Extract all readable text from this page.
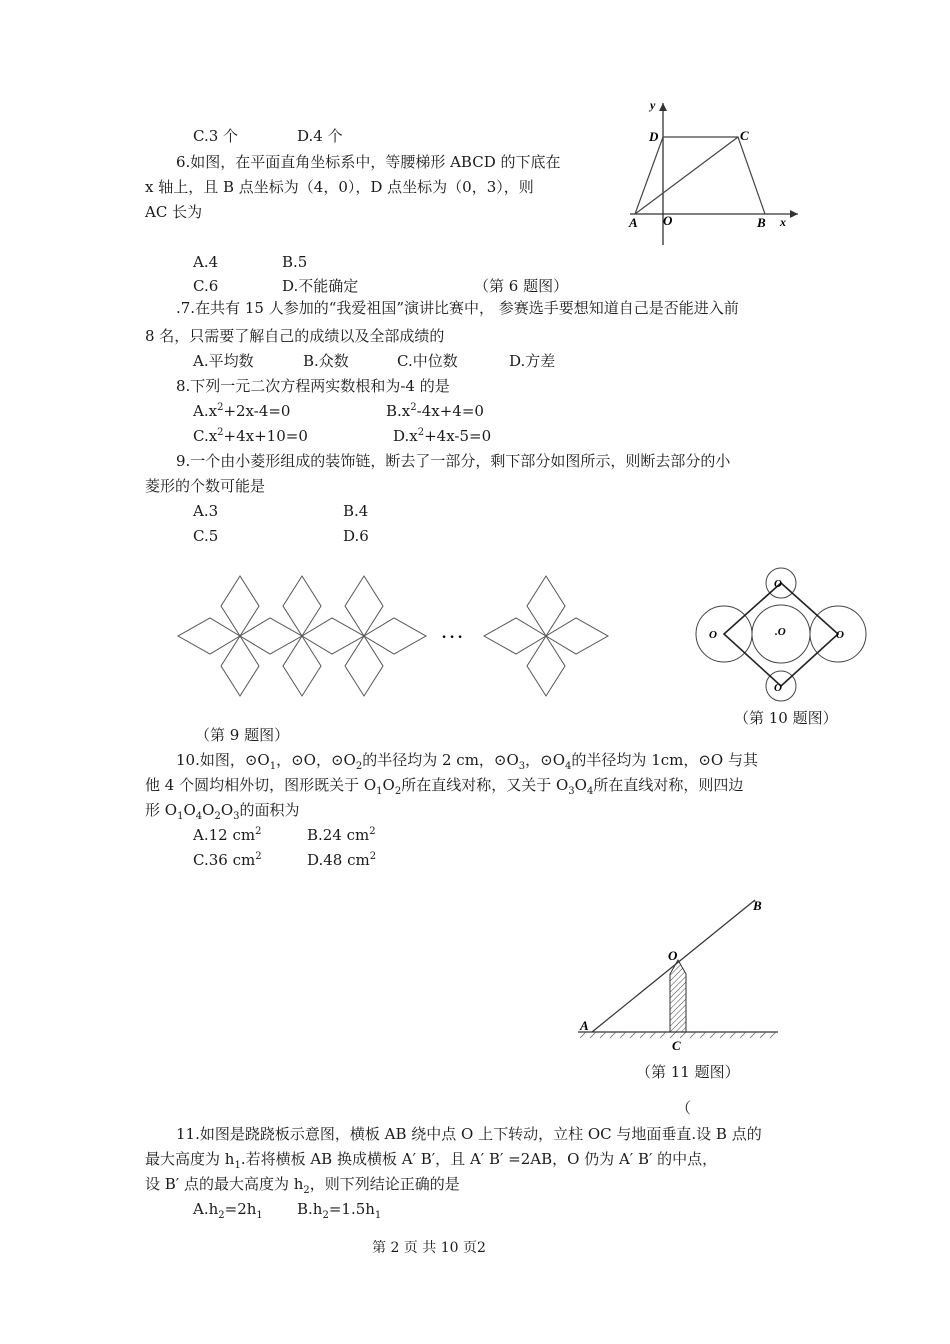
C.3 个	D.4 个
6.如图，在平面直角坐标系中，等腰梯形 ABCD 的下底在
x 轴上，且 B 点坐标为（4，0），D 点坐标为（0，3），则
AC 长为
A.4	B.5
C.6	D.不能确定	（第 6 题图）
y
x
D	C
A O	B
.7.在共有 15 人参加的“我爱祖国”演讲比赛中， 参赛选手要想知道自己是否能进入前
8 名，只需要了解自己的成绩以及全部成绩的
A.平均数	B.众数	C.中位数	D.方差
8.下列一元二次方程两实数根和为-4 的是
$A.x^2+2x-4=0$	$B.x^2-4x+4=0$
$C.x^2+4x+10=0$	$D.x^2+4x-5=0$
9.一个由小菱形组成的装饰链，断去了一部分，剩下部分如图所示，则断去部分的小
菱形的个数可能是
A.3	B.4
C.5	D.6
· · ·
（第 9 题图）
O	O
O
O
.O
（第 10 题图）
10.如图，$⊙O_1$，⊙O，$⊙O_2$的半径均为 2 cm，$⊙O_3$，$⊙O_4$的半径均为 1cm，⊙O 与其
他 4 个圆均相外切，图形既关于 $O_1O_2$所在直线对称，又关于 $O_3O_4$所在直线对称，则四边
形 $O_1O_4O_2O_3$的面积为
A.12 $cm^2$	B.24 $cm^2$
C.36 $cm^2$	D.48 $cm^2$
A
B
O
C
（第 11 题图）
（
11.如图是跷跷板示意图，横板 AB 绕中点 O 上下转动，立柱 OC 与地面垂直.设 B 点的
最大高度为 $h_1$.若将横板 AB 换成横板 A′ B′，且 A′ B′ =2AB，O 仍为 A′ B′ 的中点，
设 B′ 点的最大高度为 $h_2$，则下列结论正确的是
$A.h_2=2h_1$ $B.h_2=1.5h_1$
第 2 页 共 10 页2
